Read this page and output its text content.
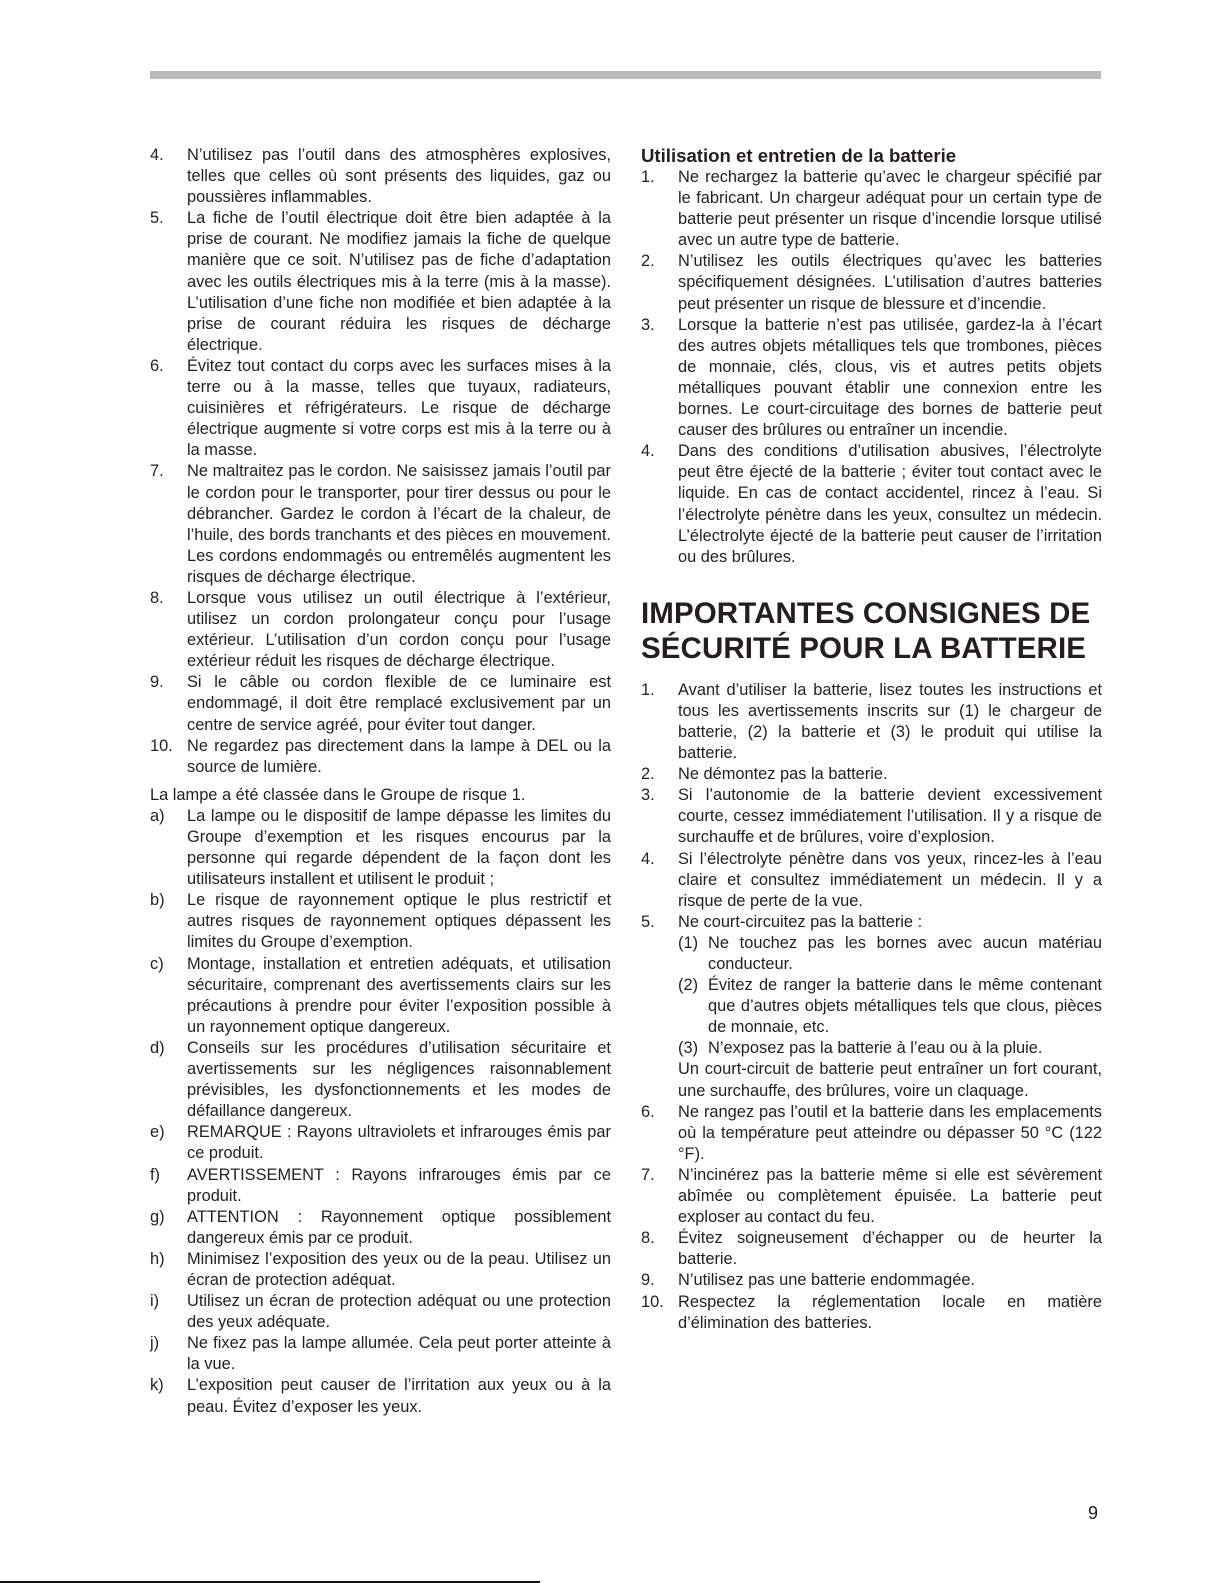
4.	N’utilisez pas l’outil dans des atmosphères explosives, telles que celles où sont présents des liquides, gaz ou poussières inflammables.
5.	La fiche de l’outil électrique doit être bien adaptée à la prise de courant. Ne modifiez jamais la fiche de quelque manière que ce soit. N’utilisez pas de fiche d’adaptation avec les outils électriques mis à la terre (mis à la masse). L’utilisation d’une fiche non modifiée et bien adaptée à la prise de courant réduira les risques de décharge électrique.
6.	Évitez tout contact du corps avec les surfaces mises à la terre ou à la masse, telles que tuyaux, radiateurs, cuisinières et réfrigérateurs. Le risque de décharge électrique augmente si votre corps est mis à la terre ou à la masse.
7.	Ne maltraitez pas le cordon. Ne saisissez jamais l’outil par le cordon pour le transporter, pour tirer dessus ou pour le débrancher. Gardez le cordon à l’écart de la chaleur, de l’huile, des bords tranchants et des pièces en mouvement. Les cordons endommagés ou entremêlés augmentent les risques de décharge électrique.
8.	Lorsque vous utilisez un outil électrique à l’extérieur, utilisez un cordon prolongateur conçu pour l’usage extérieur. L’utilisation d’un cordon conçu pour l’usage extérieur réduit les risques de décharge électrique.
9.	Si le câble ou cordon flexible de ce luminaire est endommagé, il doit être remplacé exclusivement par un centre de service agréé, pour éviter tout danger.
10. Ne regardez pas directement dans la lampe à DEL ou la source de lumière.
La lampe a été classée dans le Groupe de risque 1.
a)	La lampe ou le dispositif de lampe dépasse les limites du Groupe d’exemption et les risques encourus par la personne qui regarde dépendent de la façon dont les utilisateurs installent et utilisent le produit ;
b)	Le risque de rayonnement optique le plus restrictif et autres risques de rayonnement optiques dépassent les limites du Groupe d’exemption.
c)	Montage, installation et entretien adéquats, et utilisation sécuritaire, comprenant des avertissements clairs sur les précautions à prendre pour éviter l’exposition possible à un rayonnement optique dangereux.
d)	Conseils sur les procédures d’utilisation sécuritaire et avertissements sur les négligences raisonnablement prévisibles, les dysfonctionnements et les modes de défaillance dangereux.
e)	REMARQUE : Rayons ultraviolets et infrarouges émis par ce produit.
f)	AVERTISSEMENT : Rayons infrarouges émis par ce produit.
g)	ATTENTION : Rayonnement optique possiblement dangereux émis par ce produit.
h)	Minimisez l’exposition des yeux ou de la peau. Utilisez un écran de protection adéquat.
i)	Utilisez un écran de protection adéquat ou une protection des yeux adéquate.
j)	Ne fixez pas la lampe allumée. Cela peut porter atteinte à la vue.
k)	L’exposition peut causer de l’irritation aux yeux ou à la peau. Évitez d’exposer les yeux.
Utilisation et entretien de la batterie
1.	Ne rechargez la batterie qu’avec le chargeur spécifié par le fabricant. Un chargeur adéquat pour un certain type de batterie peut présenter un risque d’incendie lorsque utilisé avec un autre type de batterie.
2.	N’utilisez les outils électriques qu’avec les batteries spécifiquement désignées. L’utilisation d’autres batteries peut présenter un risque de blessure et d’incendie.
3.	Lorsque la batterie n’est pas utilisée, gardez-la à l’écart des autres objets métalliques tels que trombones, pièces de monnaie, clés, clous, vis et autres petits objets métalliques pouvant établir une connexion entre les bornes. Le court-circuitage des bornes de batterie peut causer des brûlures ou entraîner un incendie.
4.	Dans des conditions d’utilisation abusives, l’électrolyte peut être éjecté de la batterie ; éviter tout contact avec le liquide. En cas de contact accidentel, rincez à l’eau. Si l’électrolyte pénètre dans les yeux, consultez un médecin. L’électrolyte éjecté de la batterie peut causer de l’irritation ou des brûlures.
IMPORTANTES CONSIGNES DE
SÉCURITÉ POUR LA BATTERIE
1.	Avant d’utiliser la batterie, lisez toutes les instructions et tous les avertissements inscrits sur (1) le chargeur de batterie, (2) la batterie et (3) le produit qui utilise la batterie.
2.	Ne démontez pas la batterie.
3.	Si l’autonomie de la batterie devient excessivement courte, cessez immédiatement l’utilisation. Il y a risque de surchauffe et de brûlures, voire d’explosion.
4.	Si l’électrolyte pénètre dans vos yeux, rincez-les à l’eau claire et consultez immédiatement un médecin. Il y a risque de perte de la vue.
5.	Ne court-circuitez pas la batterie :
(1) Ne touchez pas les bornes avec aucun matériau conducteur.
(2) Évitez de ranger la batterie dans le même contenant que d’autres objets métalliques tels que clous, pièces de monnaie, etc.
(3) N’exposez pas la batterie à l’eau ou à la pluie.
Un court-circuit de batterie peut entraîner un fort courant, une surchauffe, des brûlures, voire un claquage.
6.	Ne rangez pas l’outil et la batterie dans les emplacements où la température peut atteindre ou dépasser 50 °C (122 °F).
7.	N’incinérez pas la batterie même si elle est sévèrement abîmée ou complètement épuisée. La batterie peut exploser au contact du feu.
8.	Évitez soigneusement d’échapper ou de heurter la batterie.
9.	N’utilisez pas une batterie endommagée.
10. Respectez la réglementation locale en matière d’élimination des batteries.
9
